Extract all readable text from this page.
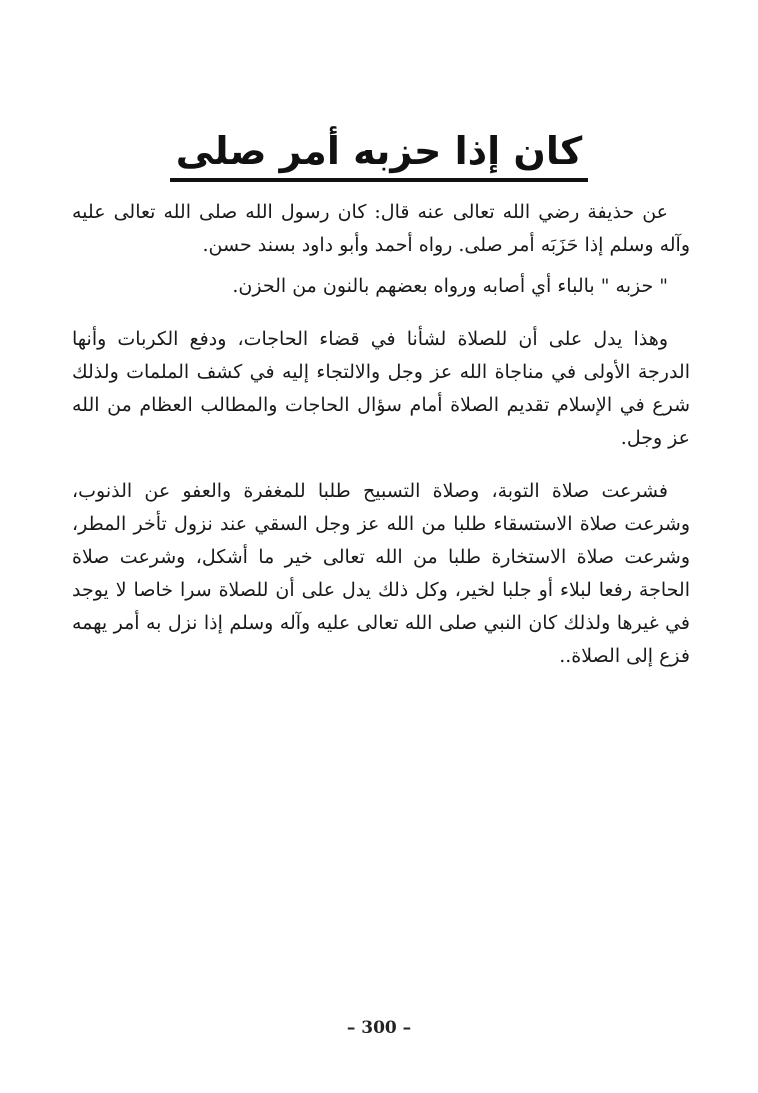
كان إذا حزبه أمر صلى

عن حذيفة رضي الله تعالى عنه قال: كان رسول الله صلى الله تعالى عليه وآله وسلم إذا حَزَبَه أمر صلى. رواه أحمد وأبو داود بسند حسن.

" حزبه " بالباء أي أصابه ورواه بعضهم بالنون من الحزن.

وهذا يدل على أن للصلاة لشأنا في قضاء الحاجات، ودفع الكربات وأنها الدرجة الأولى في مناجاة الله عز وجل والالتجاء إليه في كشف الملمات ولذلك شرع في الإسلام تقديم الصلاة أمام سؤال الحاجات والمطالب العظام من الله عز وجل.

فشرعت صلاة التوبة، وصلاة التسبيح طلبا للمغفرة والعفو عن الذنوب، وشرعت صلاة الاستسقاء طلبا من الله عز وجل السقي عند نزول تأخر المطر، وشرعت صلاة الاستخارة طلبا من الله تعالى خير ما أشكل، وشرعت صلاة الحاجة رفعا لبلاء أو جلبا لخير، وكل ذلك يدل على أن للصلاة سرا خاصا لا يوجد في غيرها ولذلك كان النبي صلى الله تعالى عليه وآله وسلم إذا نزل به أمر يهمه فزع إلى الصلاة..

– 300 –
